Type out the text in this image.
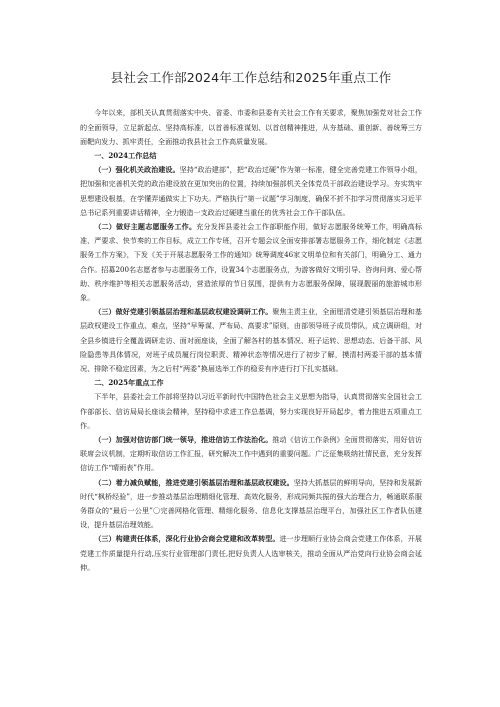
县社会工作部2024年工作总结和2025年重点工作

今年以来，部机关认真贯彻落实中央、省委、市委和县委有关社会工作有关要求，聚焦加强党对社会工作的全面领导，立足新起点、坚持高标准，以首善标准谋划、以首创精神推进，从夯基础、重创新、善统筹三方面靶向发力、抓牢责任，全面推动我县社会工作高质量发展。

一、2024工作总结

（一）强化机关政治建设。坚持“政治建部”，把“政治过硬”作为第一标准，健全完善党建工作领导小组，把加强和完善机关党的政治建设放在更加突出的位置，持续加强部机关全体党员干部政治建设学习。夯实筑牢思想建设根基，在学懂弄通做实上下功夫。严格执行“第一议题”学习制度，确保不折不扣学习贯彻落实习近平总书记系列重要讲话精神，全力锻造一支政治过硬建当重任的优秀社会工作干部队伍。

（二）做好主题志愿服务工作。充分发挥县委社会工作部职能作用，做好志愿服务统筹工作，明确高标准、严要求、快节奏的工作目标，成立工作专班，召开专题会议全面安排部署志愿服务工作，细化制定《志愿服务工作方案》，下发《关于开展志愿服务工作的通知》统筹调度46家文明单位和有关部门，明确分工、通力合作。招募200名志愿者参与志愿服务工作，设置34个志愿服务点，为游客做好文明引导、咨询问询、爱心帮助、秩序维护等相关志愿服务活动，营造浓厚的节日氛围，提供有力志愿服务保障，展现靓丽的旅游城市形象。

（三）做好党建引领基层治理和基层政权建设调研工作。聚焦主责主业，全面厘清党建引领基层治理和基层政权建设工作重点、难点，坚持“早筹谋、严布局、高要求”原则，由部领导班子成员带队，成立调研组，对全县乡镇进行全覆盖调研走访、面对面座谈，全面了解各村的基本情况、班子运转、思想动态、后备干部、风险隐患等具体情况，对班子成员履行岗位职责、精神状态等情况进行了初步了解，摸清村两委干部的基本情况、排除不稳定因素，为之后村“两委”换届选举工作的稳妥有序进行打下扎实基础。

二、2025年重点工作

下半年，县委社会工作部将坚持以习近平新时代中国特色社会主义思想为指导，认真贯彻落实全国社会工作部部长、信访局局长座谈会精神，坚持稳中求进工作总基调，努力实现良好开局起步，着力推进五项重点工作。

（一）加强对信访部门统一领导，推进信访工作法治化。推动《信访工作条例》全面贯彻落实，用好信访联席会议机制，定期听取信访工作汇报，研究解决工作中遇到的重要问题。广泛征集吸纳社情民意，充分发挥信访工作“晴雨表”作用。

（二）着力减负赋能，推进党建引领基层治理和基层政权建设。坚持大抓基层的鲜明导向，坚持和发展新时代“枫桥经验”，进一步推动基层治理精细化管理、高效化服务，形成同频共振的强大治理合力，畅通联系服务群众的“最后一公里”〇完善网格化管理、精细化服务、信息化支撑基层治理平台，加强社区工作者队伍建设，提升基层治理效能。

（三）构建责任体系，深化行业协会商会党建和改革转型。进一步理顺行业协会商会党建工作体系，开展党建工作质量提升行动,压实行业管理部门责任,把好负责人人选审核关，推动全面从严治党向行业协会商会延伸。
